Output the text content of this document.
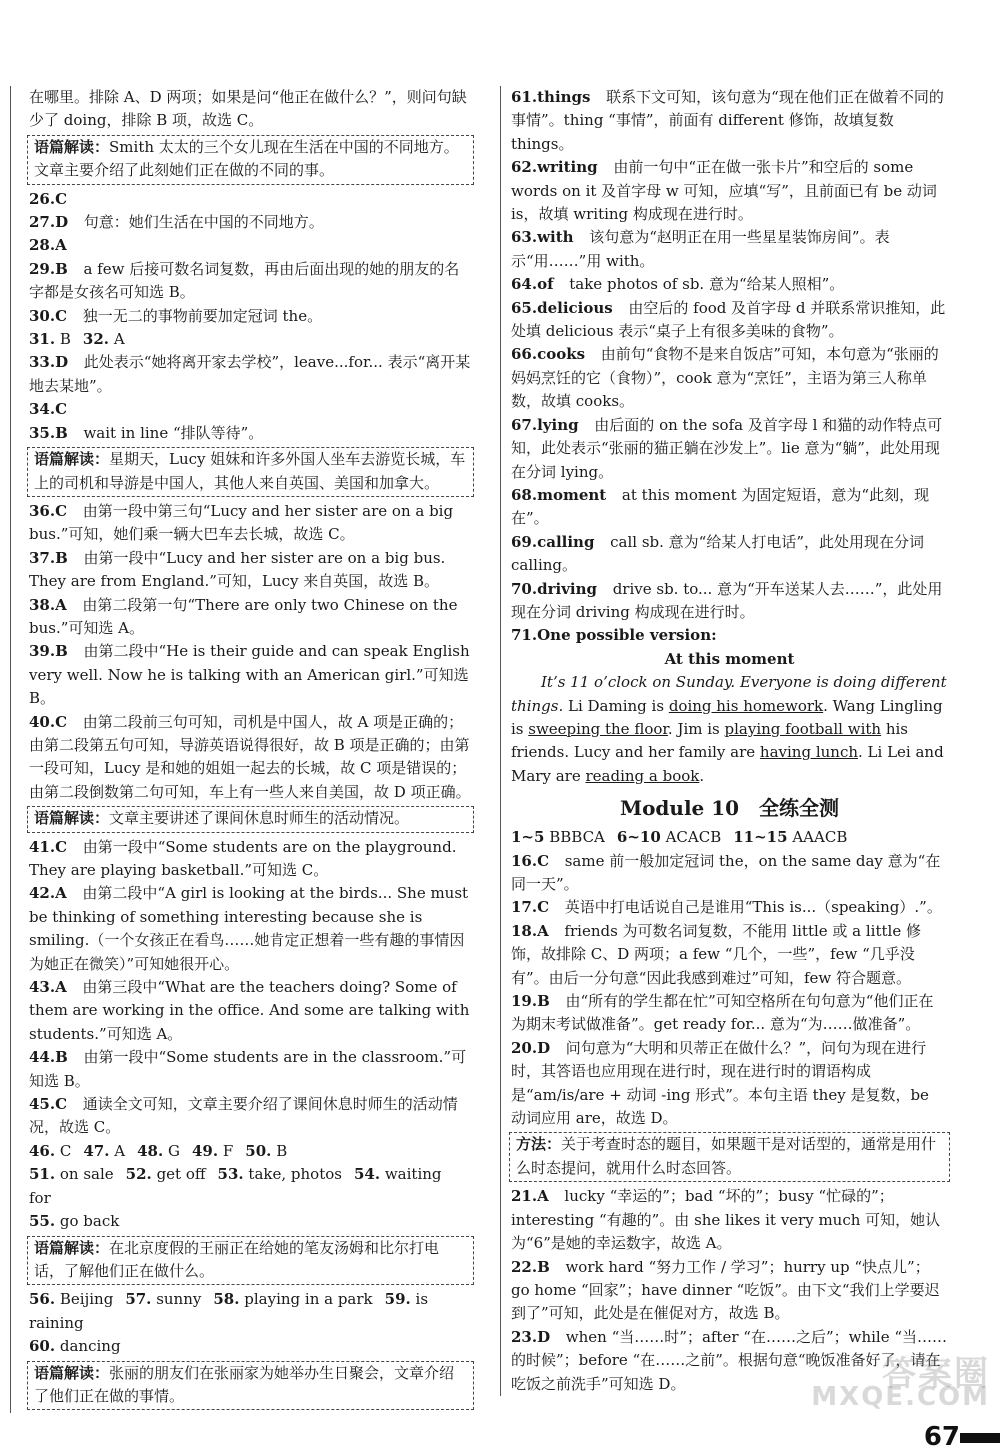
在哪里。排除 A、D 两项；如果是问“他正在做什么？”，则问句缺少了 doing，排除 B 项，故选 C。

语篇解读：Smith 太太的三个女儿现在生活在中国的不同地方。文章主要介绍了此刻她们正在做的不同的事。

26.C

27.D 句意：她们生活在中国的不同地方。

28.A

29.B a few 后接可数名词复数，再由后面出现的她的朋友的名字都是女孩名可知选 B。

30.C 独一无二的事物前要加定冠词 the。

31. B 32. A

33.D 此处表示“她将离开家去学校”，leave...for... 表示“离开某地去某地”。

34.C

35.B wait in line “排队等待”。

语篇解读：星期天，Lucy 姐妹和许多外国人坐车去游览长城，车上的司机和导游是中国人，其他人来自英国、美国和加拿大。

36.C 由第一段中第三句“Lucy and her sister are on a big bus.”可知，她们乘一辆大巴车去长城，故选 C。

37.B 由第一段中“Lucy and her sister are on a big bus. They are from England.”可知，Lucy 来自英国，故选 B。

38.A 由第二段第一句“There are only two Chinese on the bus.”可知选 A。

39.B 由第二段中“He is their guide and can speak English very well. Now he is talking with an American girl.”可知选 B。

40.C 由第二段前三句可知，司机是中国人，故 A 项是正确的；由第二段第五句可知，导游英语说得很好，故 B 项是正确的；由第一段可知，Lucy 是和她的姐姐一起去的长城，故 C 项是错误的；由第二段倒数第二句可知，车上有一些人来自美国，故 D 项正确。

语篇解读：文章主要讲述了课间休息时师生的活动情况。

41.C 由第一段中“Some students are on the playground. They are playing basketball.”可知选 C。

42.A 由第二段中“A girl is looking at the birds... She must be thinking of something interesting because she is smiling.（一个女孩正在看鸟……她肯定正想着一些有趣的事情因为她正在微笑）”可知她很开心。

43.A 由第三段中“What are the teachers doing? Some of them are working in the office. And some are talking with students.”可知选 A。

44.B 由第一段中“Some students are in the classroom.”可知选 B。

45.C 通读全文可知，文章主要介绍了课间休息时师生的活动情况，故选 C。

46. C 47. A 48. G 49. F 50. B

51. on sale 52. get off 53. take, photos 54. waiting for

55. go back

语篇解读：在北京度假的王丽正在给她的笔友汤姆和比尔打电话，了解他们正在做什么。

56. Beijing 57. sunny 58. playing in a park 59. is raining

60. dancing

语篇解读：张丽的朋友们在张丽家为她举办生日聚会，文章介绍了他们正在做的事情。

61.things 联系下文可知，该句意为“现在他们正在做着不同的事情”。thing “事情”，前面有 different 修饰，故填复数 things。

62.writing 由前一句中“正在做一张卡片”和空后的 some words on it 及首字母 w 可知，应填“写”，且前面已有 be 动词 is，故填 writing 构成现在进行时。

63.with 该句意为“赵明正在用一些星星装饰房间”。表示“用……”用 with。

64.of take photos of sb. 意为“给某人照相”。

65.delicious 由空后的 food 及首字母 d 并联系常识推知，此处填 delicious 表示“桌子上有很多美味的食物”。

66.cooks 由前句“食物不是来自饭店”可知，本句意为“张丽的妈妈烹饪的它（食物）”，cook 意为“烹饪”，主语为第三人称单数，故填 cooks。

67.lying 由后面的 on the sofa 及首字母 l 和猫的动作特点可知，此处表示“张丽的猫正躺在沙发上”。lie 意为“躺”，此处用现在分词 lying。

68.moment at this moment 为固定短语，意为“此刻，现在”。

69.calling call sb. 意为“给某人打电话”，此处用现在分词 calling。

70.driving drive sb. to... 意为“开车送某人去……”，此处用现在分词 driving 构成现在进行时。

71.One possible version:

At this moment

It’s 11 o’clock on Sunday. Everyone is doing different things. Li Daming is doing his homework. Wang Lingling is sweeping the floor. Jim is playing football with his friends. Lucy and her family are having lunch. Li Lei and Mary are reading a book.

Module 10　全练全测

1~5 BBBCA 6~10 ACACB 11~15 AAACB

16.C same 前一般加定冠词 the，on the same day 意为“在同一天”。

17.C 英语中打电话说自己是谁用“This is...（speaking）.”。

18.A friends 为可数名词复数，不能用 little 或 a little 修饰，故排除 C、D 两项；a few “几个，一些”，few “几乎没有”。由后一分句意“因此我感到难过”可知，few 符合题意。

19.B 由“所有的学生都在忙”可知空格所在句句意为“他们正在为期末考试做准备”。get ready for... 意为“为……做准备”。

20.D 问句意为“大明和贝蒂正在做什么？”，问句为现在进行时，其答语也应用现在进行时，现在进行时的谓语构成是“am/is/are + 动词 -ing 形式”。本句主语 they 是复数，be 动词应用 are，故选 D。

方法：关于考查时态的题目，如果题干是对话型的，通常是用什么时态提问，就用什么时态回答。

21.A lucky “幸运的”；bad “坏的”；busy “忙碌的”；interesting “有趣的”。由 she likes it very much 可知，她认为“6”是她的幸运数字，故选 A。

22.B work hard “努力工作 / 学习”；hurry up “快点儿”；go home “回家”；have dinner “吃饭”。由下文“我们上学要迟到了”可知，此处是在催促对方，故选 B。

23.D when “当……时”；after “在……之后”；while “当……的时候”；before “在……之前”。根据句意“晚饭准备好了，请在吃饭之前洗手”可知选 D。	答案圈
MXQE.COM
67
